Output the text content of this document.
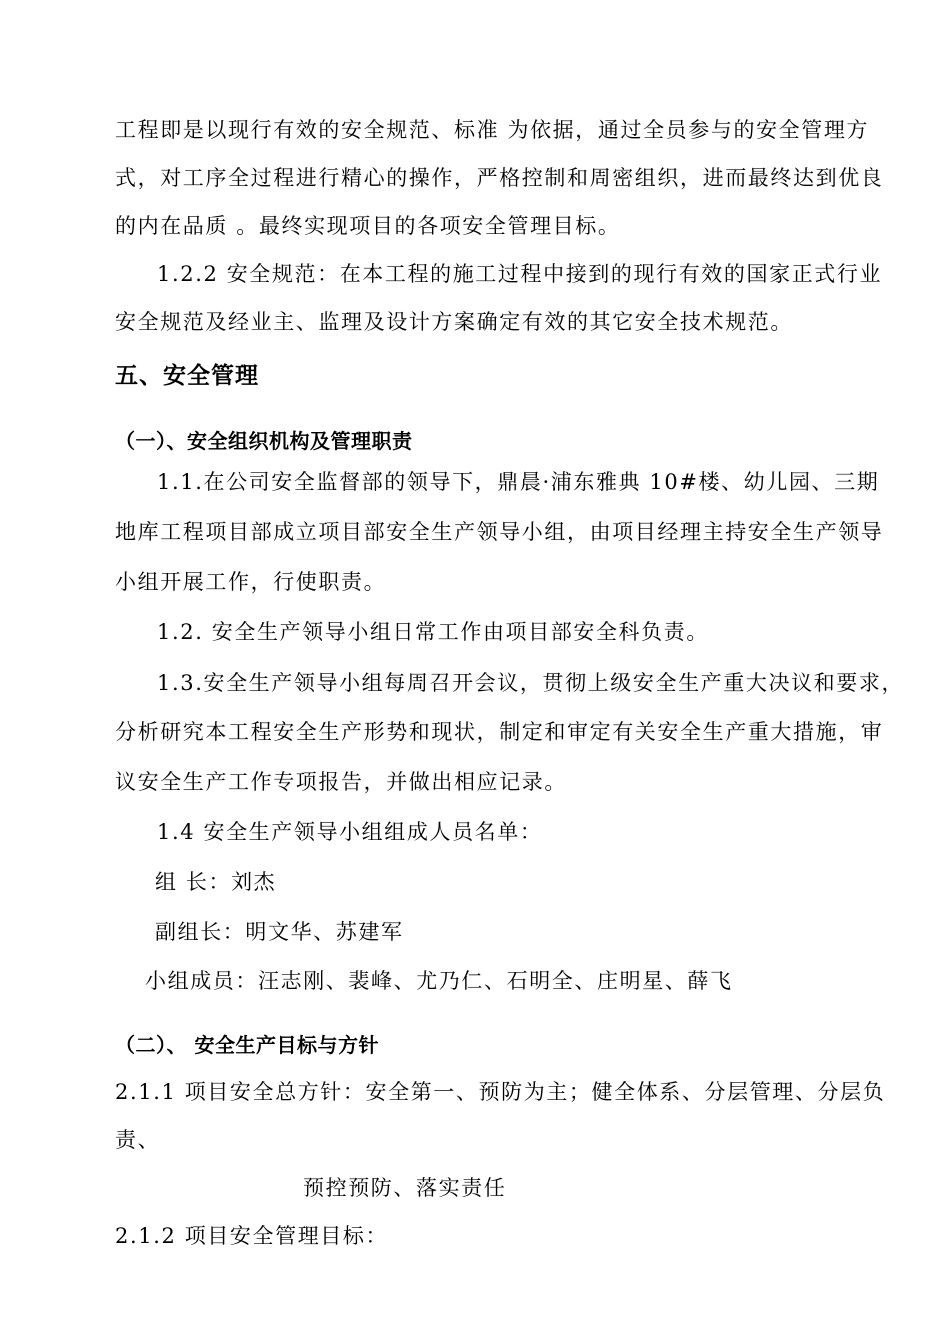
工程即是以现行有效的安全规范、标准 为依据，通过全员参与的安全管理方
式，对工序全过程进行精心的操作，严格控制和周密组织，进而最终达到优良
的内在品质 。最终实现项目的各项安全管理目标。
1.2.2 安全规范：在本工程的施工过程中接到的现行有效的国家正式行业
安全规范及经业主、监理及设计方案确定有效的其它安全技术规范。
五、安全管理
（一）、安全组织机构及管理职责
1.1.在公司安全监督部的领导下，鼎晨·浦东雅典 10#楼、幼儿园、三期
地库工程项目部成立项目部安全生产领导小组，由项目经理主持安全生产领导
小组开展工作，行使职责。
1.2. 安全生产领导小组日常工作由项目部安全科负责。
1.3.安全生产领导小组每周召开会议，贯彻上级安全生产重大决议和要求，
分析研究本工程安全生产形势和现状，制定和审定有关安全生产重大措施，审
议安全生产工作专项报告，并做出相应记录。
1.4 安全生产领导小组组成人员名单：
组 长：刘杰
副组长：明文华、苏建军
小组成员：汪志刚、裴峰、尤乃仁、石明全、庄明星、薛飞
（二）、 安全生产目标与方针
2.1.1 项目安全总方针：安全第一、预防为主；健全体系、分层管理、分层负
责、
预控预防、落实责任
2.1.2 项目安全管理目标：
